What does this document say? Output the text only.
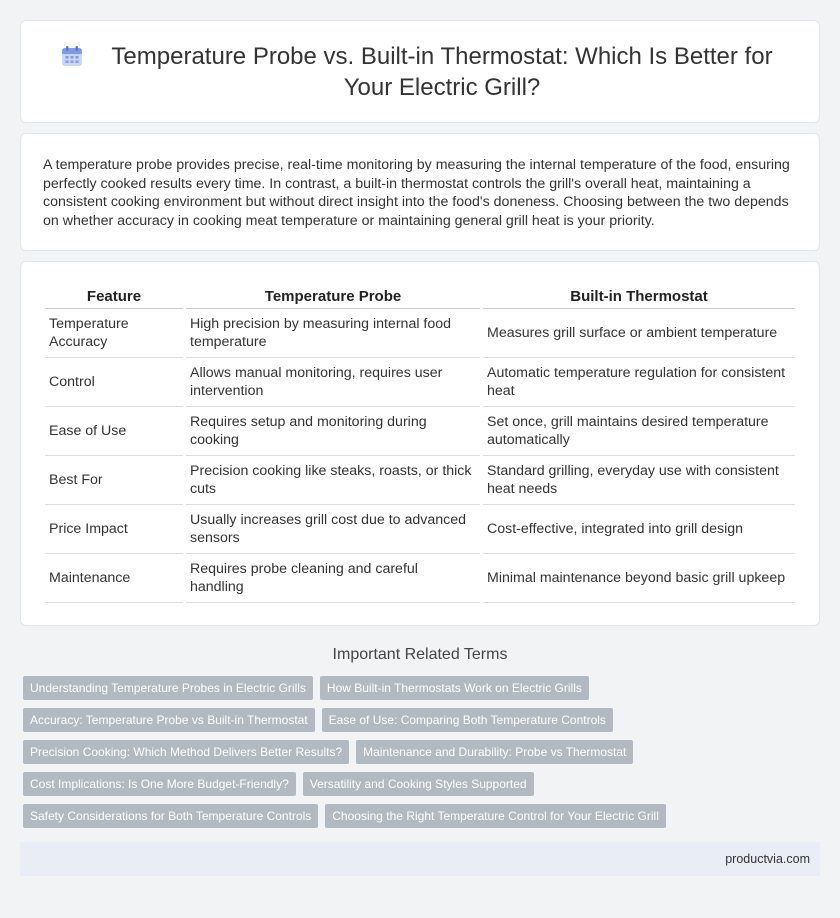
Temperature Probe vs. Built-in Thermostat: Which Is Better for Your Electric Grill?

A temperature probe provides precise, real-time monitoring by measuring the internal temperature of the food, ensuring perfectly cooked results every time. In contrast, a built-in thermostat controls the grill's overall heat, maintaining a consistent cooking environment but without direct insight into the food's doneness. Choosing between the two depends on whether accuracy in cooking meat temperature or maintaining general grill heat is your priority.

Feature	Temperature Probe	Built-in Thermostat
Temperature Accuracy	High precision by measuring internal food temperature	Measures grill surface or ambient temperature
Control	Allows manual monitoring, requires user intervention	Automatic temperature regulation for consistent heat
Ease of Use	Requires setup and monitoring during cooking	Set once, grill maintains desired temperature automatically
Best For	Precision cooking like steaks, roasts, or thick cuts	Standard grilling, everyday use with consistent heat needs
Price Impact	Usually increases grill cost due to advanced sensors	Cost-effective, integrated into grill design
Maintenance	Requires probe cleaning and careful handling	Minimal maintenance beyond basic grill upkeep
Important Related Terms
Understanding Temperature Probes in Electric Grills	How Built-in Thermostats Work on Electric Grills
Accuracy: Temperature Probe vs Built-in Thermostat	Ease of Use: Comparing Both Temperature Controls
Precision Cooking: Which Method Delivers Better Results?	Maintenance and Durability: Probe vs Thermostat
Cost Implications: Is One More Budget-Friendly?	Versatility and Cooking Styles Supported
Safety Considerations for Both Temperature Controls	Choosing the Right Temperature Control for Your Electric Grill
productvia.com
